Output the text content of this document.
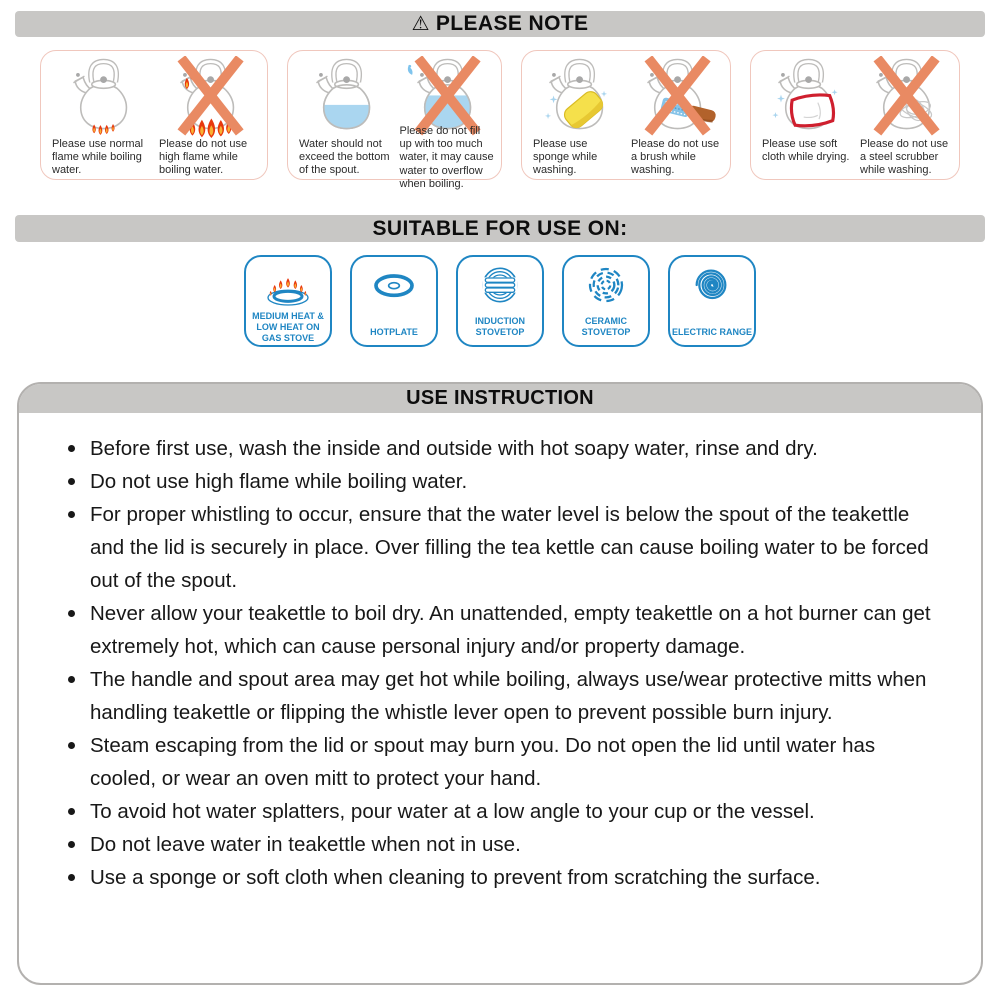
⚠ PLEASE NOTE
Please use normal flame while boiling water.
Please do not use high flame while boiling water.
Water should not exceed the bottom of the spout.
Please do not fill up with too much water, it may cause water to overflow when boiling.
Please use sponge while washing.
Please do not use a brush while washing.
Please use soft cloth while drying.
Please do not use a steel scrubber while washing.
SUITABLE FOR USE ON:
MEDIUM HEAT & LOW HEAT ON GAS STOVE
HOTPLATE
INDUCTION STOVETOP
CERAMIC STOVETOP	ELECTRIC RANGE
USE INSTRUCTION
Before first use, wash the inside and outside with hot soapy water, rinse and dry.
Do not use high flame while boiling water.
For proper whistling to occur, ensure that the water level is below the spout of the teakettle and the lid is securely in place. Over filling the tea kettle can cause boiling water to be forced out of the spout.
Never allow your teakettle to boil dry. An unattended, empty teakettle on a hot burner can get extremely hot, which can cause personal injury and/or property damage.
The handle and spout area may get hot while boiling, always use/wear protective mitts when handling teakettle or flipping the whistle lever open to prevent possible burn injury.
Steam escaping from the lid or spout may burn you. Do not open the lid until water has cooled, or wear an oven mitt to protect your hand.
To avoid hot water splatters, pour water at a low angle to your cup or the vessel.
Do not leave water in teakettle when not in use.
Use a sponge or soft cloth when cleaning to prevent from scratching the surface.
